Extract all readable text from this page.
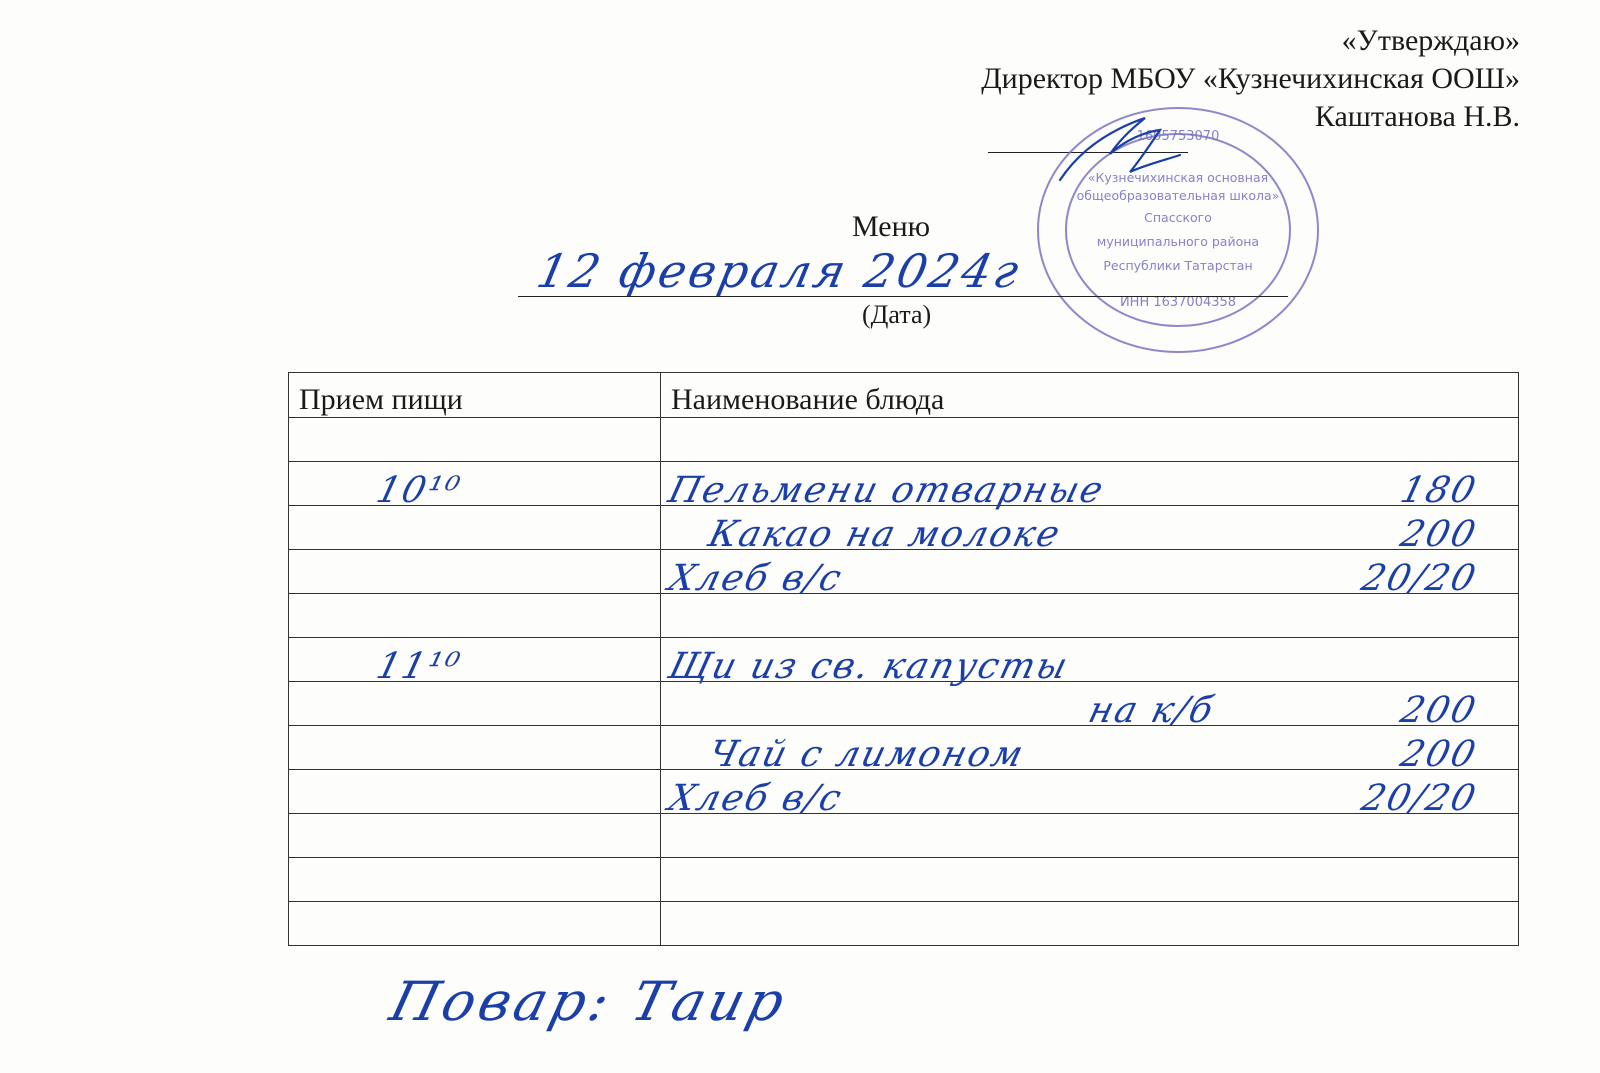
«Утверждаю»
Директор МБОУ «Кузнечихинская ООШ»
Каштанова Н.В.
1605753070
«Кузнечихинская основная
общеобразовательная школа»
Спасского
муниципального района
Республики Татарстан
ИНН 1637004358
Меню
12 февраля 2024г
(Дата)
Прием пищи	Наименование блюда

10¹⁰	Пельмени отварные 180

	Какао на молоке 200

	Хлеб в/с 20/20

11¹⁰	Щи из св. капусты

	на к/б 200

	Чай с лимоном 200

	Хлеб в/с 20/20

Повар: Таир
